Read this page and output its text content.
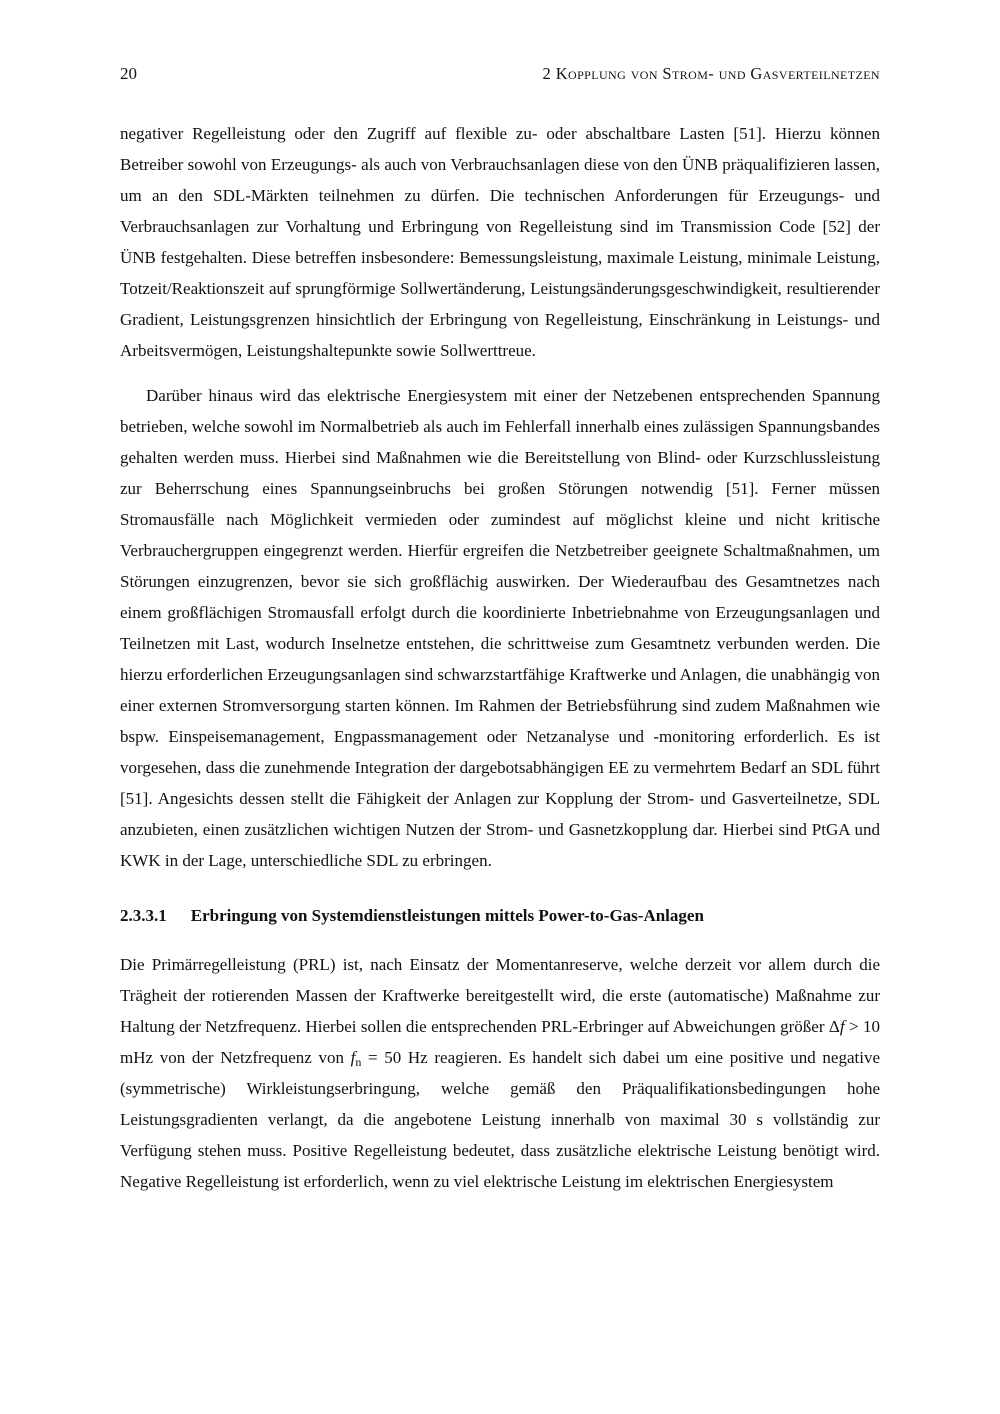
20	2 Kopplung von Strom- und Gasverteilnetzen

negativer Regelleistung oder den Zugriff auf flexible zu- oder abschaltbare Lasten [51]. Hierzu können Betreiber sowohl von Erzeugungs- als auch von Verbrauchsanlagen diese von den ÜNB präqualifizieren lassen, um an den SDL-Märkten teilnehmen zu dürfen. Die technischen Anforderungen für Erzeugungs- und Verbrauchsanlagen zur Vorhaltung und Erbringung von Regelleistung sind im Transmission Code [52] der ÜNB festgehalten. Diese betreffen insbesondere: Bemessungsleistung, maximale Leistung, minimale Leistung, Totzeit/Reaktionszeit auf sprungförmige Sollwertänderung, Leistungsänderungsgeschwindigkeit, resultierender Gradient, Leistungsgrenzen hinsichtlich der Erbringung von Regelleistung, Einschränkung in Leistungs- und Arbeitsvermögen, Leistungshaltepunkte sowie Sollwerttreue.

Darüber hinaus wird das elektrische Energiesystem mit einer der Netzebenen entsprechenden Spannung betrieben, welche sowohl im Normalbetrieb als auch im Fehlerfall innerhalb eines zulässigen Spannungsbandes gehalten werden muss. Hierbei sind Maßnahmen wie die Bereitstellung von Blind- oder Kurzschlussleistung zur Beherrschung eines Spannungseinbruchs bei großen Störungen notwendig [51]. Ferner müssen Stromausfälle nach Möglichkeit vermieden oder zumindest auf möglichst kleine und nicht kritische Verbrauchergruppen eingegrenzt werden. Hierfür ergreifen die Netzbetreiber geeignete Schaltmaßnahmen, um Störungen einzugrenzen, bevor sie sich großflächig auswirken. Der Wiederaufbau des Gesamtnetzes nach einem großflächigen Stromausfall erfolgt durch die koordinierte Inbetriebnahme von Erzeugungsanlagen und Teilnetzen mit Last, wodurch Inselnetze entstehen, die schrittweise zum Gesamtnetz verbunden werden. Die hierzu erforderlichen Erzeugungsanlagen sind schwarzstartfähige Kraftwerke und Anlagen, die unabhängig von einer externen Stromversorgung starten können. Im Rahmen der Betriebsführung sind zudem Maßnahmen wie bspw. Einspeisemanagement, Engpassmanagement oder Netzanalyse und -monitoring erforderlich. Es ist vorgesehen, dass die zunehmende Integration der dargebotsabhängigen EE zu vermehrtem Bedarf an SDL führt [51]. Angesichts dessen stellt die Fähigkeit der Anlagen zur Kopplung der Strom- und Gasverteilnetze, SDL anzubieten, einen zusätzlichen wichtigen Nutzen der Strom- und Gasnetzkopplung dar. Hierbei sind PtGA und KWK in der Lage, unterschiedliche SDL zu erbringen.

2.3.3.1 Erbringung von Systemdienstleistungen mittels Power-to-Gas-Anlagen

Die Primärregelleistung (PRL) ist, nach Einsatz der Momentanreserve, welche derzeit vor allem durch die Trägheit der rotierenden Massen der Kraftwerke bereitgestellt wird, die erste (automatische) Maßnahme zur Haltung der Netzfrequenz. Hierbei sollen die entsprechenden PRL-Erbringer auf Abweichungen größer Δf > 10 mHz von der Netzfrequenz von $f_n = 50$ Hz reagieren. Es handelt sich dabei um eine positive und negative (symmetrische) Wirkleistungserbringung, welche gemäß den Präqualifikationsbedingungen hohe Leistungsgradienten verlangt, da die angebotene Leistung innerhalb von maximal 30 s vollständig zur Verfügung stehen muss. Positive Regelleistung bedeutet, dass zusätzliche elektrische Leistung benötigt wird. Negative Regelleistung ist erforderlich, wenn zu viel elektrische Leistung im elektrischen Energiesystem
